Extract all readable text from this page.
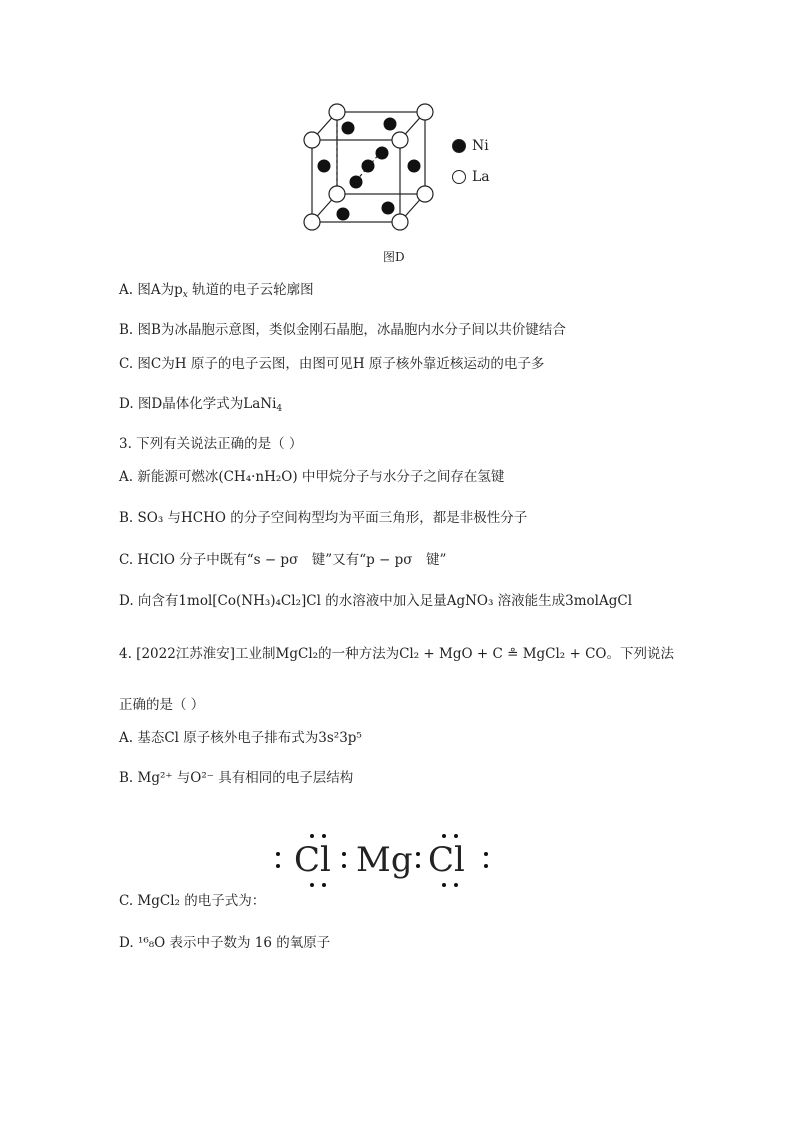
Ni
La
图D
A. 图A为$p_x$ 轨道的电子云轮廓图
B. 图B为冰晶胞示意图，类似金刚石晶胞，冰晶胞内水分子间以共价键结合
C. 图C为H 原子的电子云图，由图可见H 原子核外靠近核运动的电子多
D. 图D晶体化学式为LaNi$_4$
3. 下列有关说法正确的是（ ）
A. 新能源可燃冰(CH₄·nH₂O) 中甲烷分子与水分子之间存在氢键
B. SO₃ 与HCHO 的分子空间构型均为平面三角形，都是非极性分子
C. HClO 分子中既有“s − pσ　键”又有“p − pσ　键”
D. 向含有1mol[Co(NH₃)₄Cl₂]Cl 的水溶液中加入足量AgNO₃ 溶液能生成3molAgCl
4. [2022江苏淮安]工业制MgCl₂的一种方法为Cl₂ + MgO + C ≗ MgCl₂ + CO。下列说法
正确的是（ ）
A. 基态Cl 原子核外电子排布式为3s²3p⁵
B. Mg²⁺ 与O²⁻ 具有相同的电子层结构
Cl Mg Cl
C. MgCl₂ 的电子式为：
D. ¹⁶₈O 表示中子数为 16 的氧原子
